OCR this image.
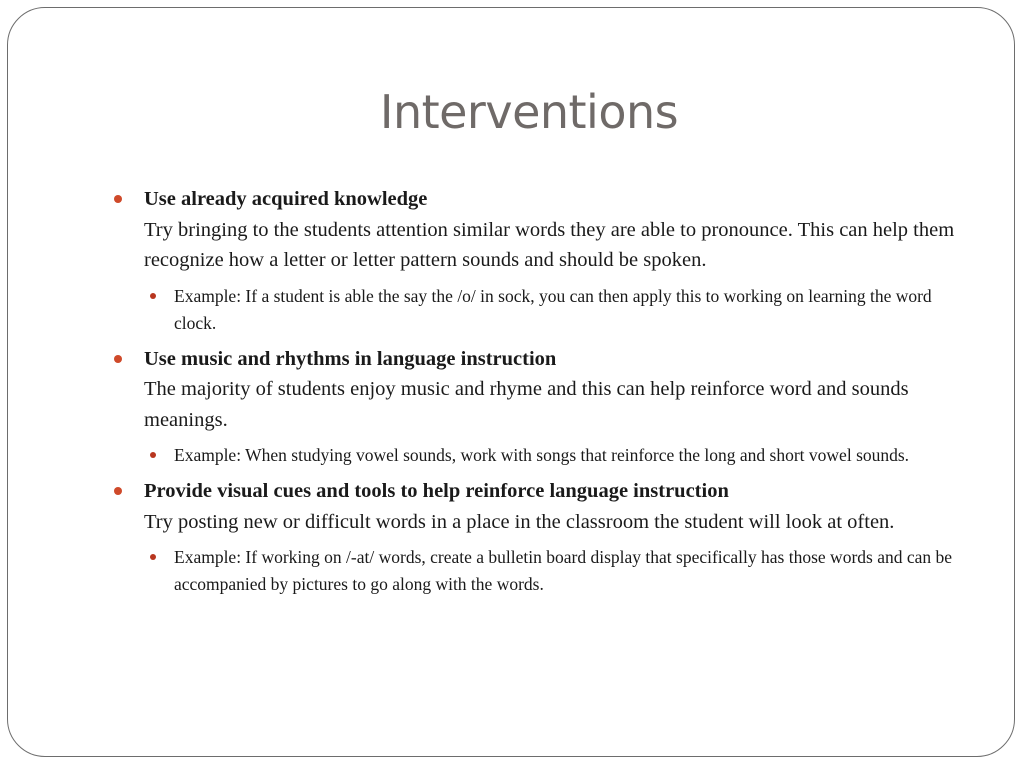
Interventions
Use already acquired knowledge
Try bringing to the students attention similar words they are able to pronounce. This can help them recognize how a letter or letter pattern sounds and should be spoken.
Example: If a student is able the say the /o/ in sock, you can then apply this to working on learning the word clock.
Use music and rhythms in language instruction
The majority of students enjoy music and rhyme and this can help reinforce word and sounds meanings.
Example: When studying vowel sounds, work with songs that reinforce the long and short vowel sounds.
Provide visual cues and tools to help reinforce language instruction
Try posting new or difficult words in a place in the classroom the student will look at often.
Example: If working on /-at/ words, create a bulletin board display that specifically has those words and can be accompanied by pictures to go along with the words.
